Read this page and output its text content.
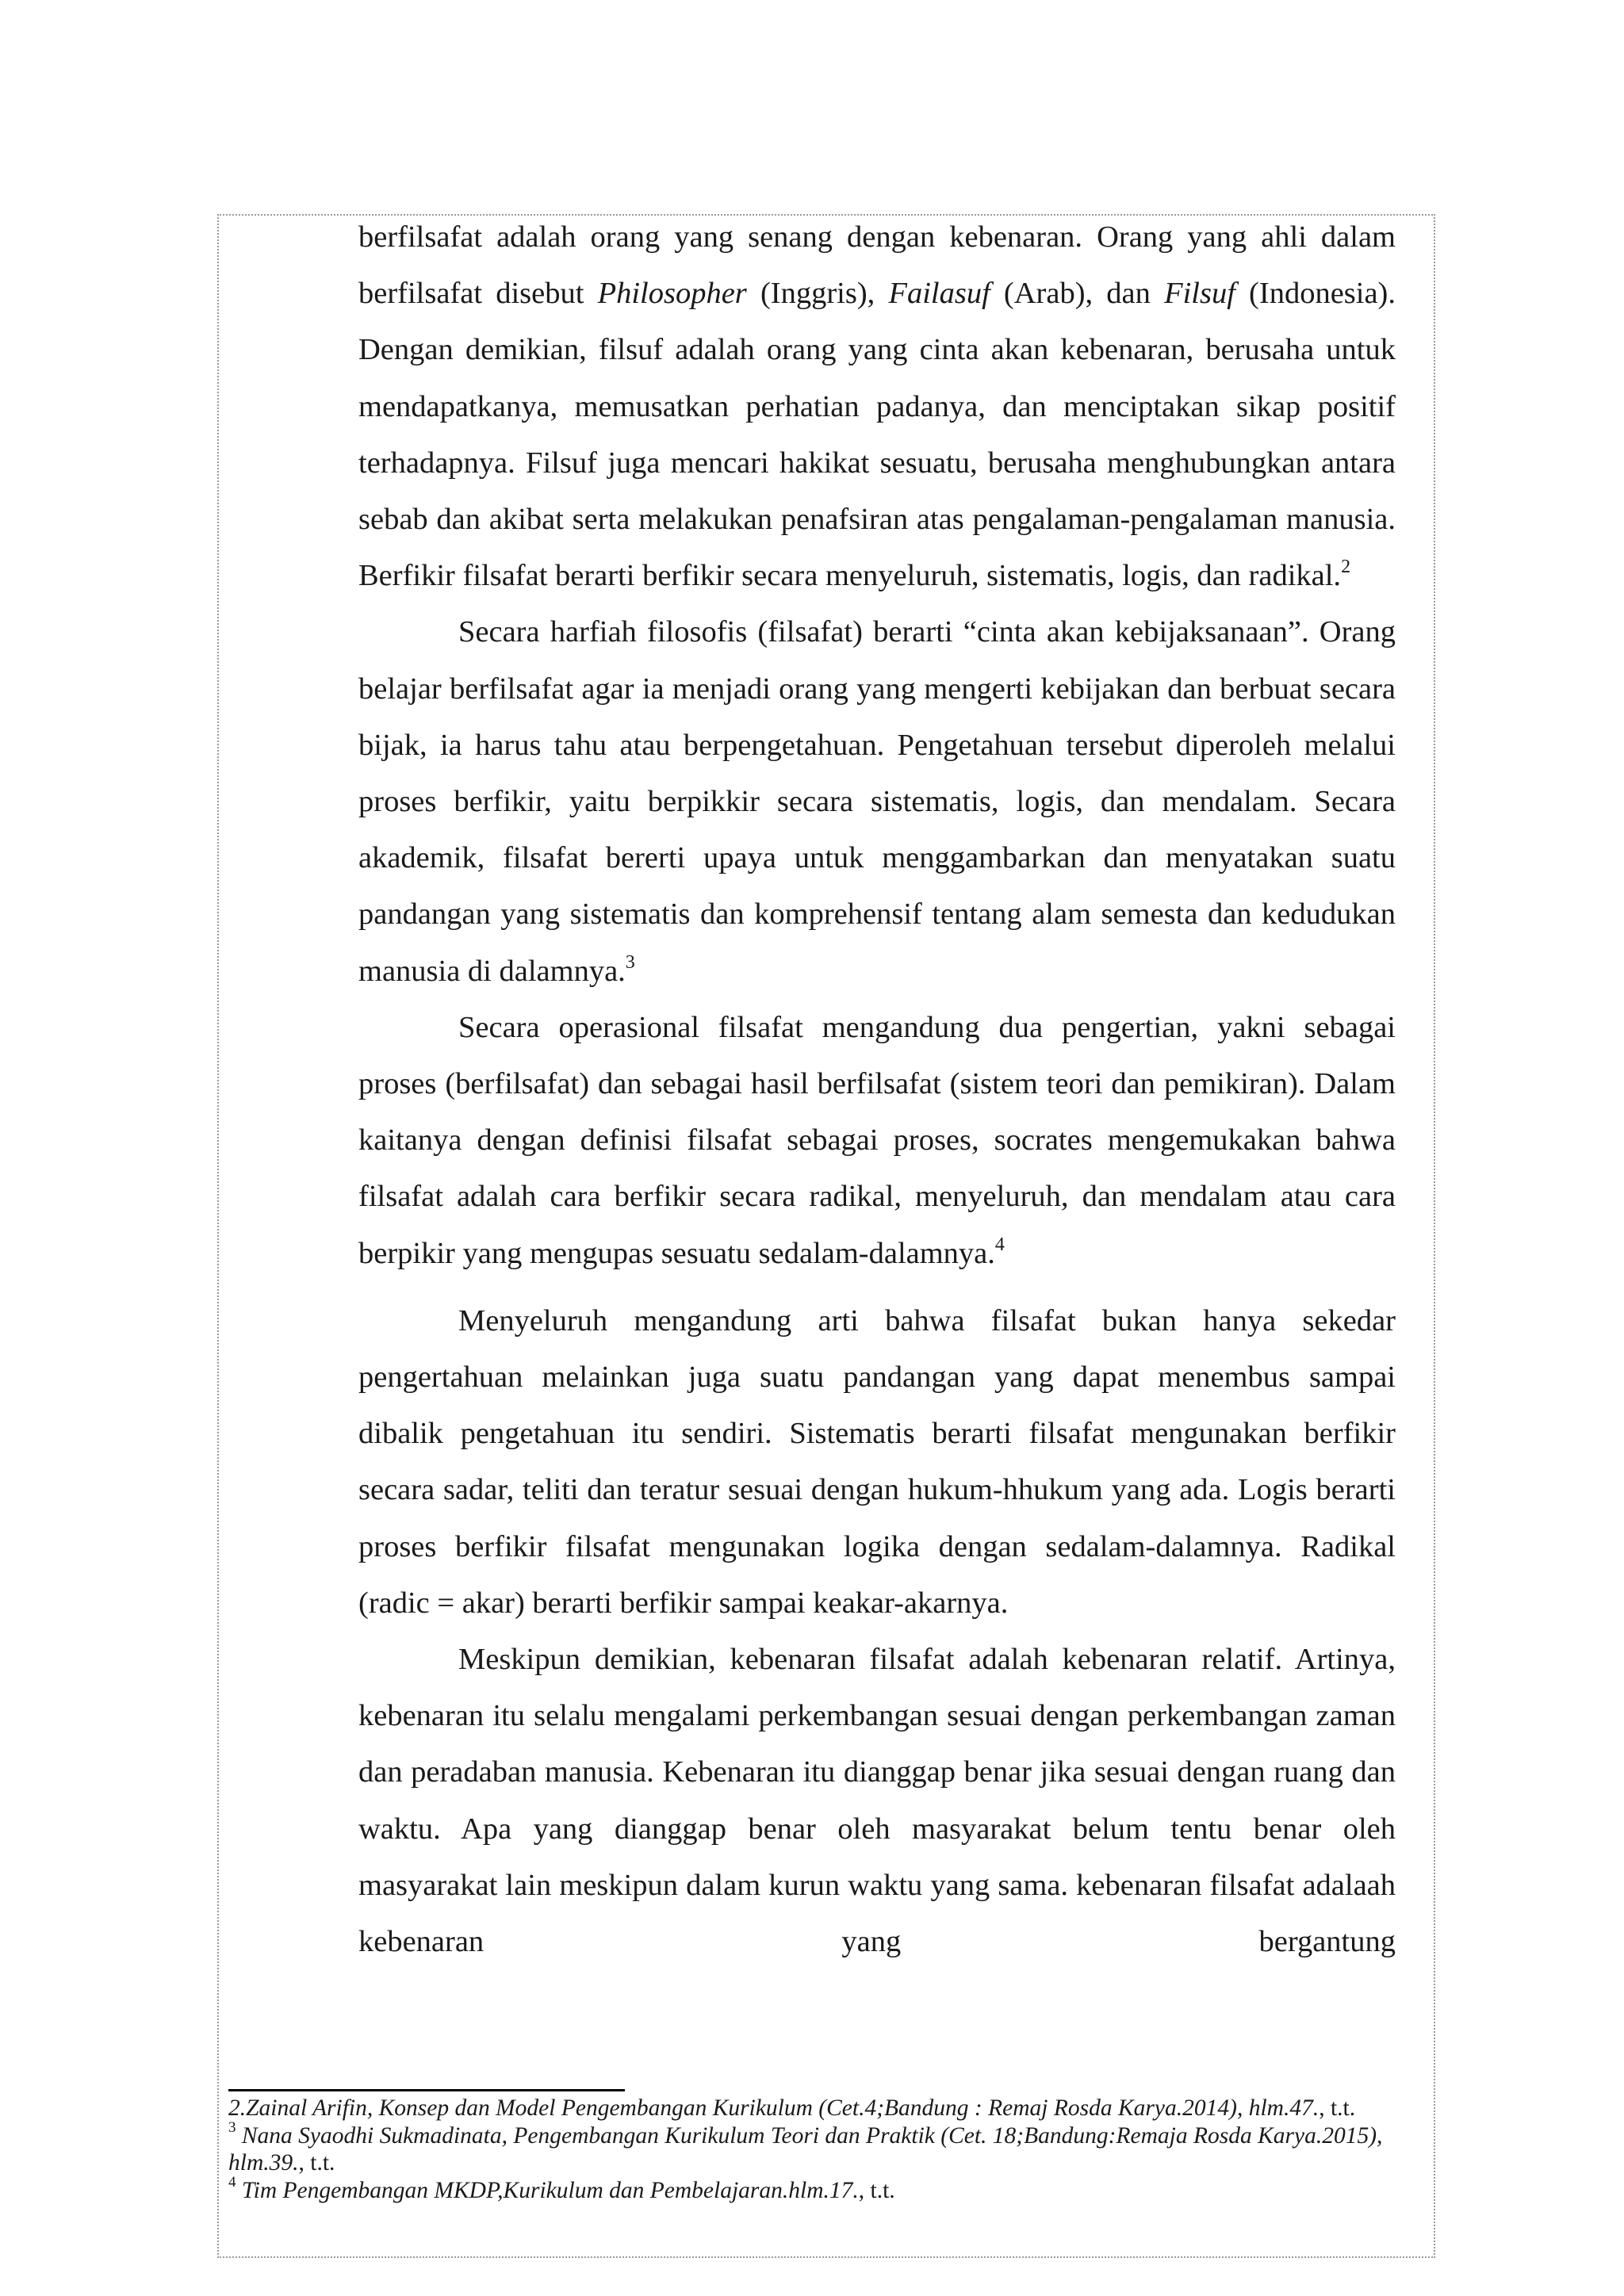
berfilsafat adalah orang yang senang dengan kebenaran. Orang yang ahli dalam berfilsafat disebut Philosopher (Inggris), Failasuf (Arab), dan Filsuf (Indonesia). Dengan demikian, filsuf adalah orang yang cinta akan kebenaran, berusaha untuk mendapatkanya, memusatkan perhatian padanya, dan menciptakan sikap positif terhadapnya. Filsuf juga mencari hakikat sesuatu, berusaha menghubungkan antara sebab dan akibat serta melakukan penafsiran atas pengalaman-pengalaman manusia. Berfikir filsafat berarti berfikir secara menyeluruh, sistematis, logis, dan radikal.$^2$

Secara harfiah filosofis (filsafat) berarti “cinta akan kebijaksanaan”. Orang belajar berfilsafat agar ia menjadi orang yang mengerti kebijakan dan berbuat secara bijak, ia harus tahu atau berpengetahuan. Pengetahuan tersebut diperoleh melalui proses berfikir, yaitu berpikkir secara sistematis, logis, dan mendalam. Secara akademik, filsafat bererti upaya untuk menggambarkan dan menyatakan suatu pandangan yang sistematis dan komprehensif tentang alam semesta dan kedudukan manusia di dalamnya.$^3$

Secara operasional filsafat mengandung dua pengertian, yakni sebagai proses (berfilsafat) dan sebagai hasil berfilsafat (sistem teori dan pemikiran). Dalam kaitanya dengan definisi filsafat sebagai proses, socrates mengemukakan bahwa filsafat adalah cara berfikir secara radikal, menyeluruh, dan mendalam atau cara berpikir yang mengupas sesuatu sedalam-dalamnya.$^4$

Menyeluruh mengandung arti bahwa filsafat bukan hanya sekedar pengertahuan melainkan juga suatu pandangan yang dapat menembus sampai dibalik pengetahuan itu sendiri. Sistematis berarti filsafat mengunakan berfikir secara sadar, teliti dan teratur sesuai dengan hukum-hhukum yang ada. Logis berarti proses berfikir filsafat mengunakan logika dengan sedalam-dalamnya. Radikal (radic = akar) berarti berfikir sampai keakar-akarnya.

Meskipun demikian, kebenaran filsafat adalah kebenaran relatif. Artinya, kebenaran itu selalu mengalami perkembangan sesuai dengan perkembangan zaman dan peradaban manusia. Kebenaran itu dianggap benar jika sesuai dengan ruang dan waktu. Apa yang dianggap benar oleh masyarakat belum tentu benar oleh masyarakat lain meskipun dalam kurun waktu yang sama. kebenaran filsafat adalaah kebenaran yang bergantung

2.Zainal Arifin, Konsep dan Model Pengembangan Kurikulum (Cet.4;Bandung : Remaj Rosda Karya.2014), hlm.47., t.t.

$^3$ Nana Syaodhi Sukmadinata, Pengembangan Kurikulum Teori dan Praktik (Cet. 18;Bandung:Remaja Rosda Karya.2015), hlm.39., t.t.

$^4$ Tim Pengembangan MKDP,Kurikulum dan Pembelajaran.hlm.17., t.t.
